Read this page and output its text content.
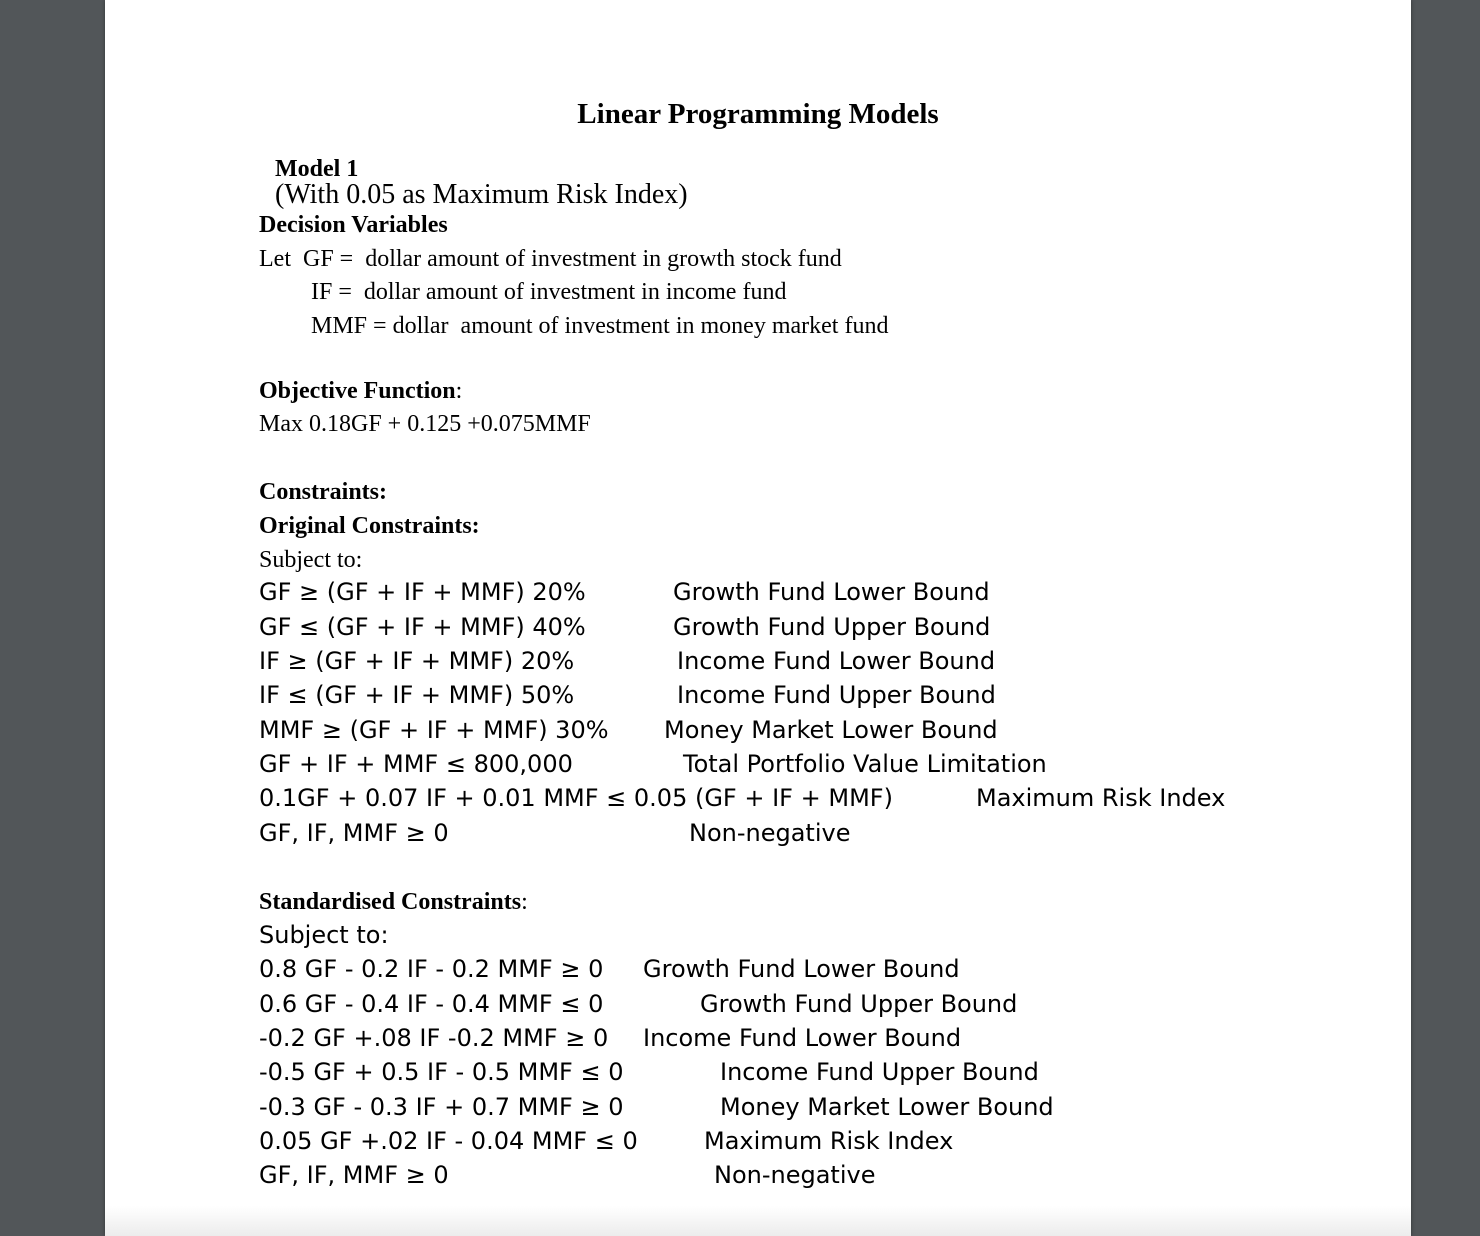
Linear Programming Models

Model 1
(With 0.05 as Maximum Risk Index)

Decision Variables
Let  GF =  dollar amount of investment in growth stock fund
IF =  dollar amount of investment in income fund
MMF = dollar  amount of investment in money market fund
Objective Function:
Max 0.18GF + 0.125 +0.075MMF
Constraints:
Original Constraints:
Subject to:
GF ≥ (GF + IF + MMF) 20%	Growth Fund Lower Bound
GF ≤ (GF + IF + MMF) 40%	Growth Fund Upper Bound
IF ≥ (GF + IF + MMF) 20%	Income Fund Lower Bound
IF ≤ (GF + IF + MMF) 50%	Income Fund Upper Bound
MMF ≥ (GF + IF + MMF) 30% Money Market Lower Bound
GF + IF + MMF ≤ 800,000	Total Portfolio Value Limitation
0.1GF + 0.07 IF + 0.01 MMF ≤ 0.05 (GF + IF + MMF)	Maximum Risk Index
GF, IF, MMF ≥ 0	Non-negative
Standardised Constraints:
Subject to:
0.8 GF - 0.2 IF - 0.2 MMF ≥ 0 Growth Fund Lower Bound
0.6 GF - 0.4 IF - 0.4 MMF ≤ 0	Growth Fund Upper Bound
-0.2 GF +.08 IF -0.2 MMF ≥ 0 Income Fund Lower Bound
-0.5 GF + 0.5 IF - 0.5 MMF ≤ 0	Income Fund Upper Bound
-0.3 GF - 0.3 IF + 0.7 MMF ≥ 0	Money Market Lower Bound
0.05 GF +.02 IF - 0.04 MMF ≤ 0	Maximum Risk Index
GF, IF, MMF ≥ 0	Non-negative
